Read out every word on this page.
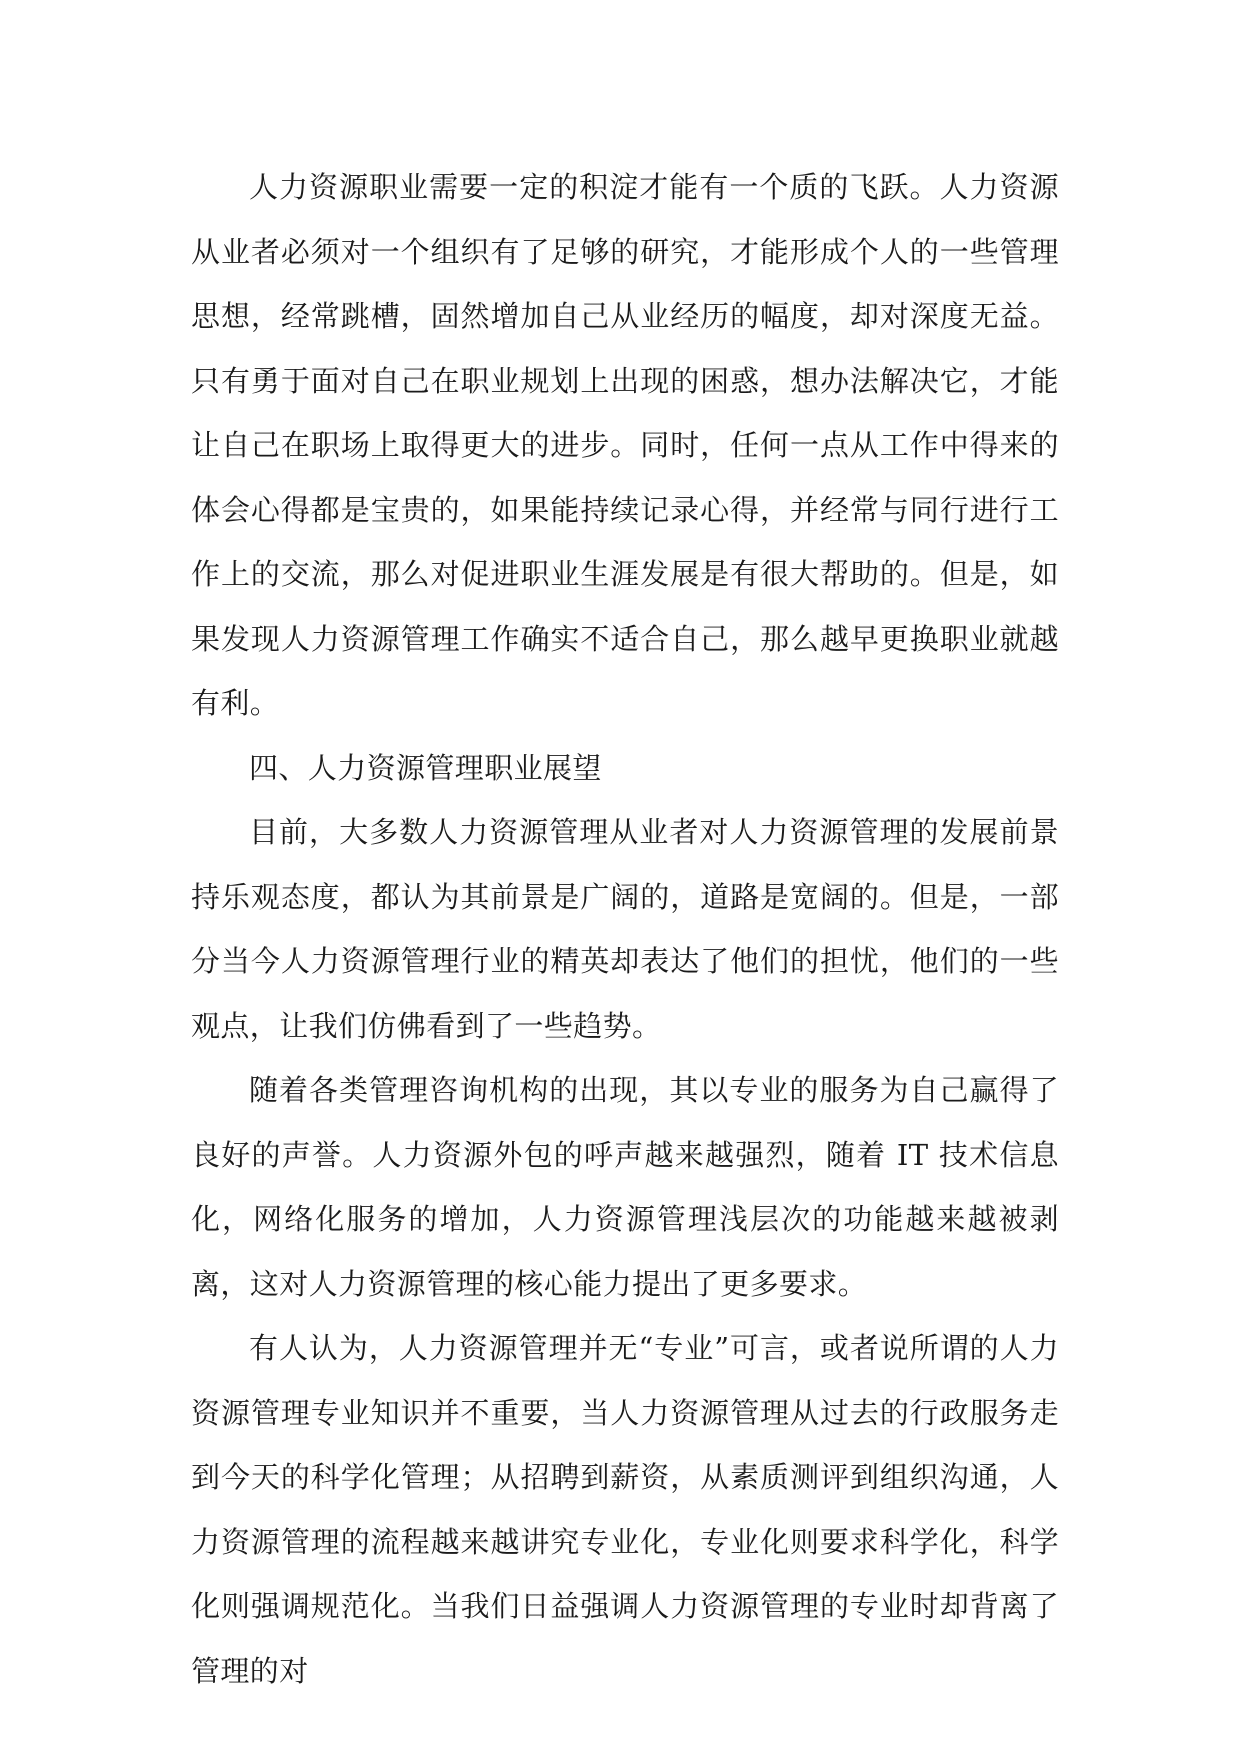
人力资源职业需要一定的积淀才能有一个质的飞跃。人力资源从业者必须对一个组织有了足够的研究，才能形成个人的一些管理思想，经常跳槽，固然增加自己从业经历的幅度，却对深度无益。只有勇于面对自己在职业规划上出现的困惑，想办法解决它，才能让自己在职场上取得更大的进步。同时，任何一点从工作中得来的体会心得都是宝贵的，如果能持续记录心得，并经常与同行进行工作上的交流，那么对促进职业生涯发展是有很大帮助的。但是，如果发现人力资源管理工作确实不适合自己，那么越早更换职业就越有利。

四、人力资源管理职业展望

目前，大多数人力资源管理从业者对人力资源管理的发展前景持乐观态度，都认为其前景是广阔的，道路是宽阔的。但是，一部分当今人力资源管理行业的精英却表达了他们的担忧，他们的一些观点，让我们仿佛看到了一些趋势。

随着各类管理咨询机构的出现，其以专业的服务为自己赢得了良好的声誉。人力资源外包的呼声越来越强烈，随着 IT 技术信息化，网络化服务的增加，人力资源管理浅层次的功能越来越被剥离，这对人力资源管理的核心能力提出了更多要求。

有人认为，人力资源管理并无“专业”可言，或者说所谓的人力资源管理专业知识并不重要，当人力资源管理从过去的行政服务走到今天的科学化管理；从招聘到薪资，从素质测评到组织沟通，人力资源管理的流程越来越讲究专业化，专业化则要求科学化，科学化则强调规范化。当我们日益强调人力资源管理的专业时却背离了管理的对
